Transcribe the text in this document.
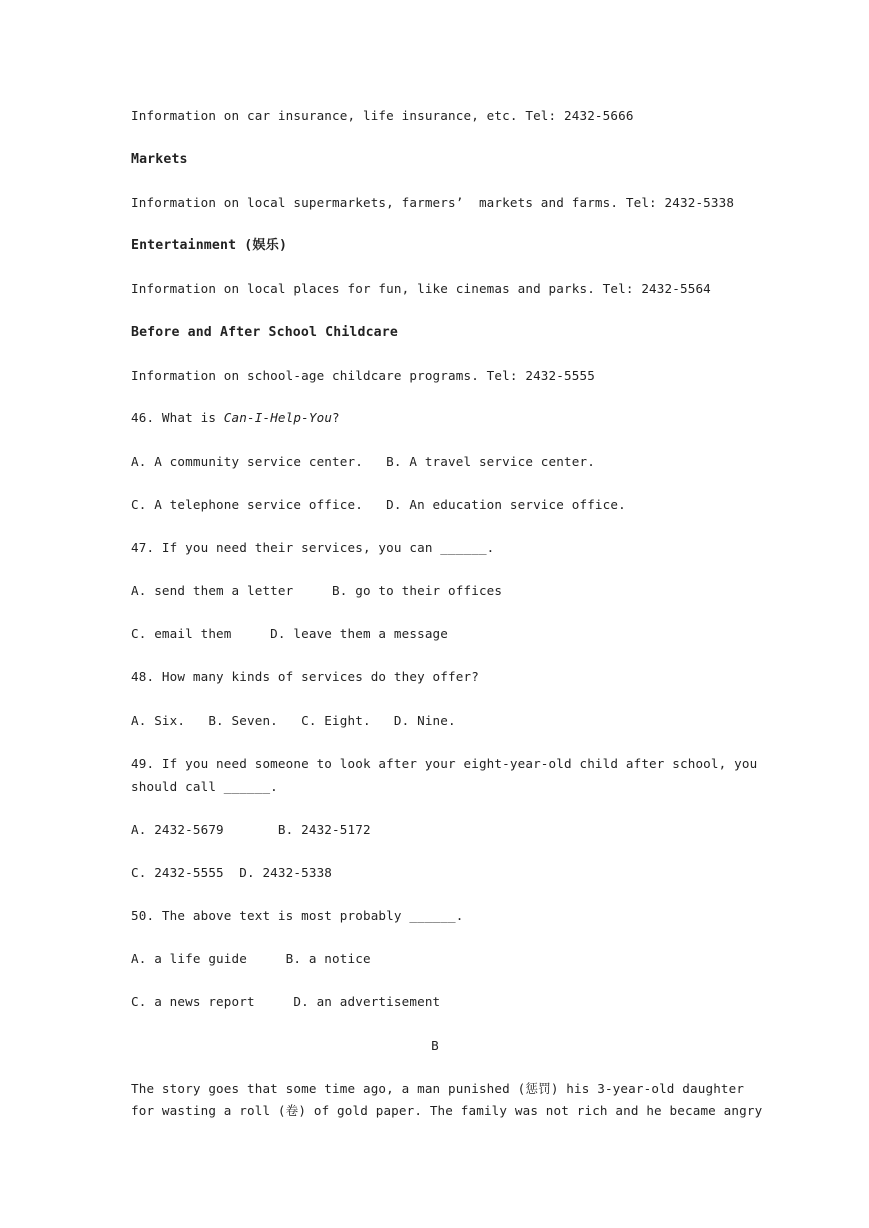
Information on car insurance, life insurance, etc. Tel: 2432-5666
Markets
Information on local supermarkets, farmers’  markets and farms. Tel: 2432-5338
Entertainment (娱乐)
Information on local places for fun, like cinemas and parks. Tel: 2432-5564
Before and After School Childcare
Information on school-age childcare programs. Tel: 2432-5555
46. What is Can-I-Help-You?
A. A community service center.   B. A travel service center.
C. A telephone service office.   D. An education service office.
47. If you need their services, you can ______.
A. send them a letter     B. go to their offices
C. email them     D. leave them a message
48. How many kinds of services do they offer?
A. Six.   B. Seven.   C. Eight.   D. Nine.
49. If you need someone to look after your eight-year-old child after school, you
should call ______.
A. 2432-5679       B. 2432-5172
C. 2432-5555  D. 2432-5338
50. The above text is most probably ______.
A. a life guide     B. a notice
C. a news report     D. an advertisement
B
The story goes that some time ago, a man punished (惩罚) his 3-year-old daughter
for wasting a roll (卷) of gold paper. The family was not rich and he became angry
